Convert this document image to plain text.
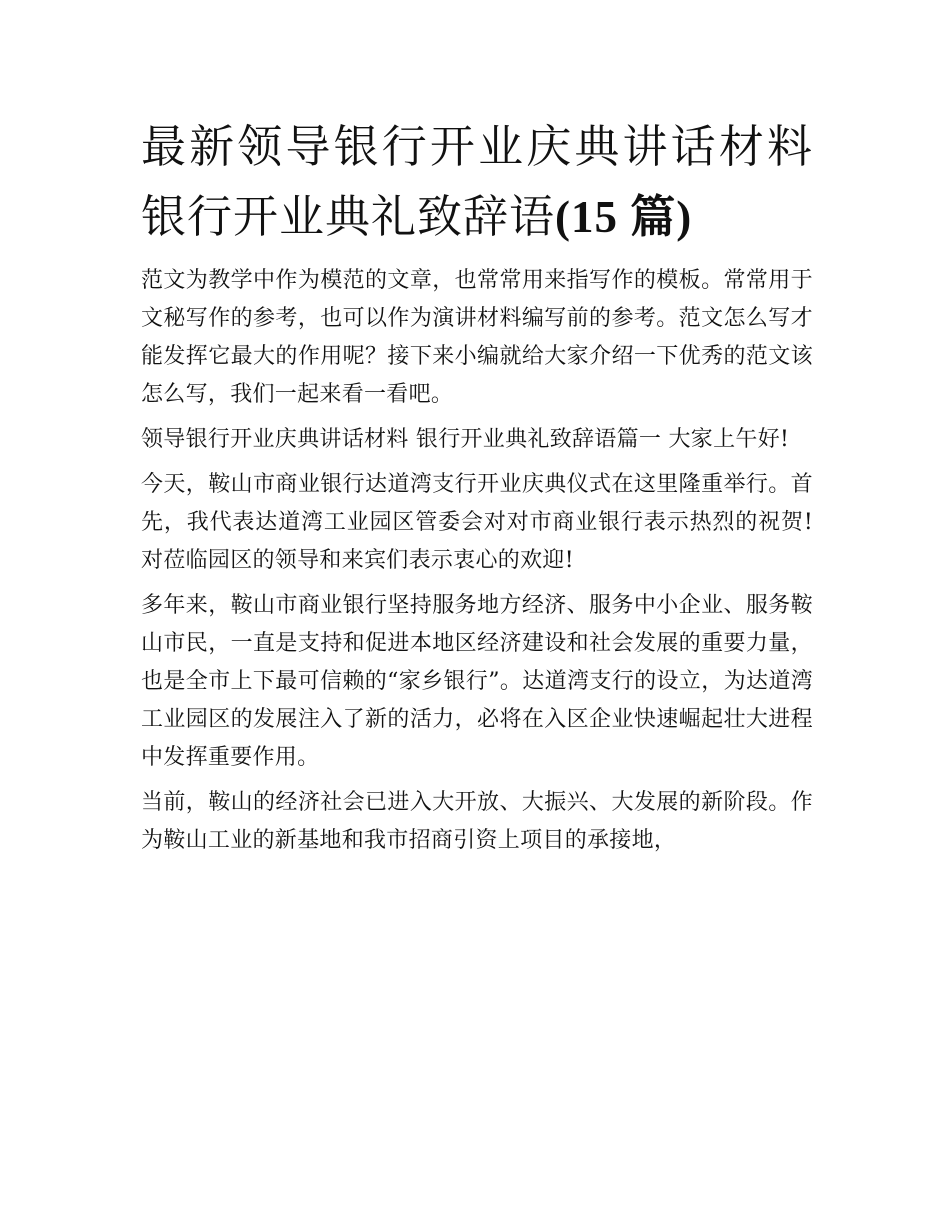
最新领导银行开业庆典讲话材料 银行开业典礼致辞语(15 篇)

范文为教学中作为模范的文章，也常常用来指写作的模板。常常用于文秘写作的参考，也可以作为演讲材料编写前的参考。范文怎么写才能发挥它最大的作用呢？接下来小编就给大家介绍一下优秀的范文该怎么写，我们一起来看一看吧。

领导银行开业庆典讲话材料 银行开业典礼致辞语篇一 大家上午好!

今天，鞍山市商业银行达道湾支行开业庆典仪式在这里隆重举行。首先，我代表达道湾工业园区管委会对对市商业银行表示热烈的祝贺!对莅临园区的领导和来宾们表示衷心的欢迎!

多年来，鞍山市商业银行坚持服务地方经济、服务中小企业、服务鞍山市民，一直是支持和促进本地区经济建设和社会发展的重要力量，也是全市上下最可信赖的“家乡银行”。达道湾支行的设立，为达道湾工业园区的发展注入了新的活力，必将在入区企业快速崛起壮大进程中发挥重要作用。

当前，鞍山的经济社会已进入大开放、大振兴、大发展的新阶段。作为鞍山工业的新基地和我市招商引资上项目的承接地，
